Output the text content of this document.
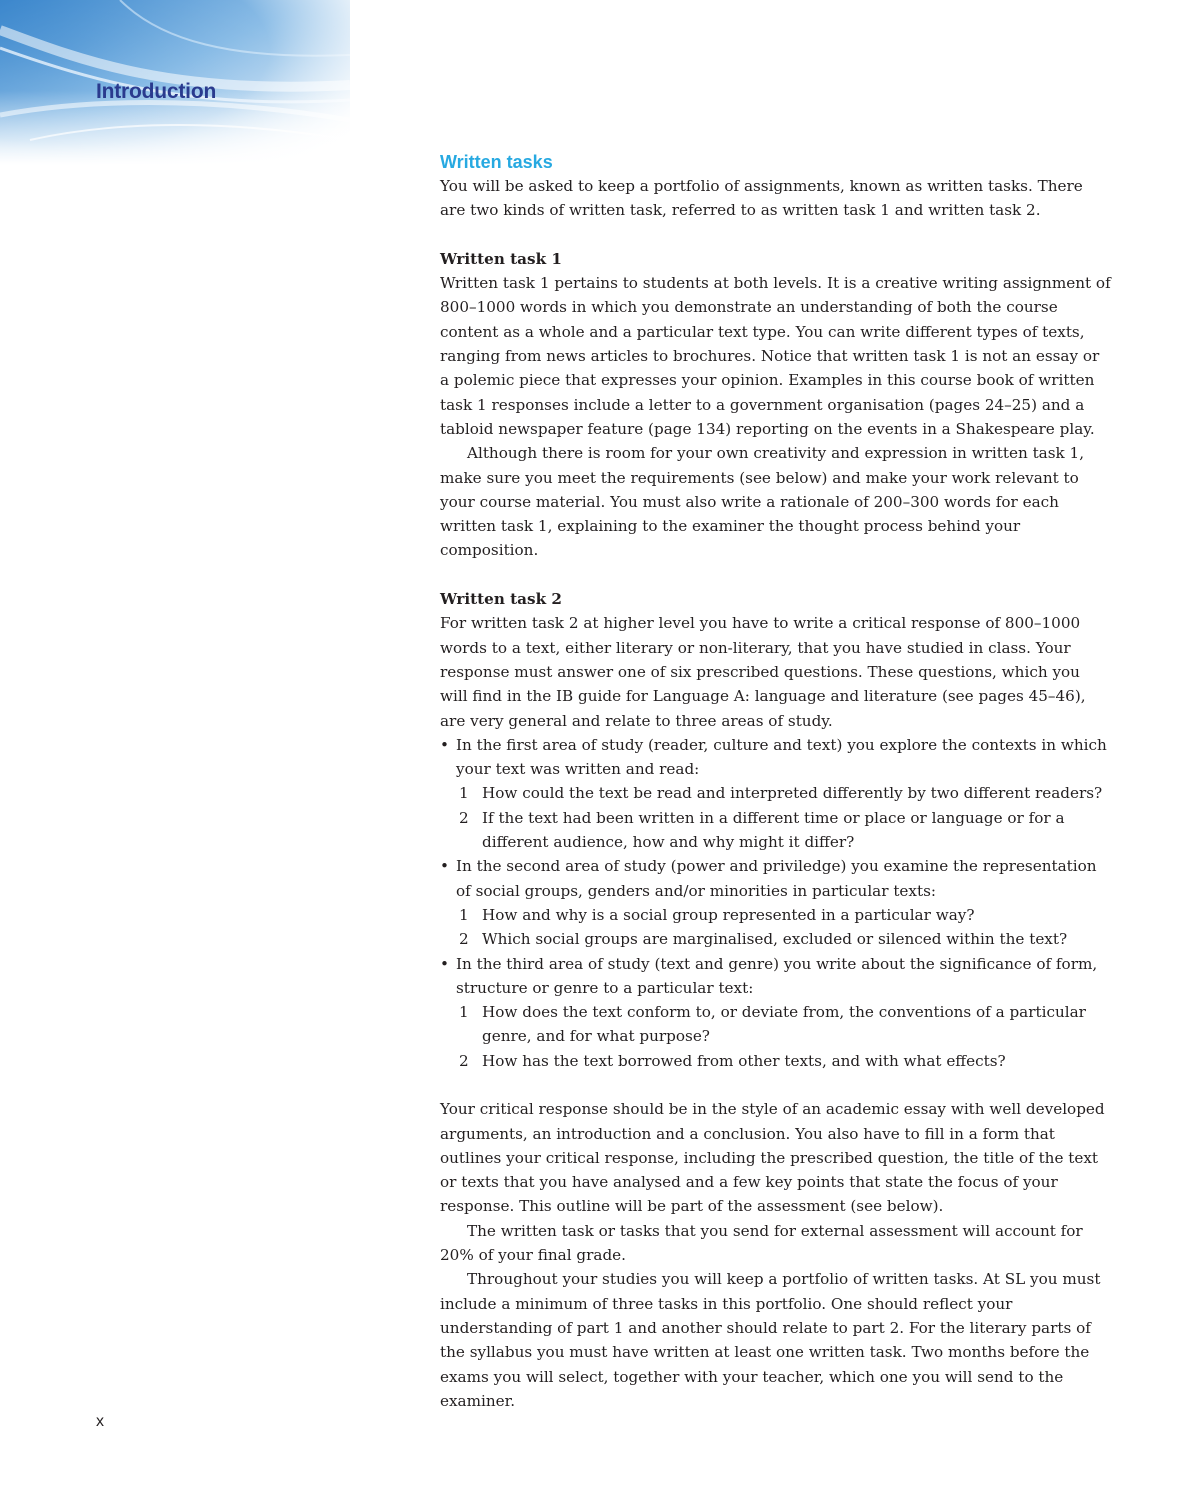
Introduction
Written tasks

You will be asked to keep a portfolio of assignments, known as written tasks. There are two kinds of written task, referred to as written task 1 and written task 2.

Written task 1

Written task 1 pertains to students at both levels. It is a creative writing assignment of 800–1000 words in which you demonstrate an understanding of both the course content as a whole and a particular text type. You can write different types of texts, ranging from news articles to brochures. Notice that written task 1 is not an essay or a polemic piece that expresses your opinion. Examples in this course book of written task 1 responses include a letter to a government organisation (pages 24–25) and a tabloid newspaper feature (page 134) reporting on the events in a Shakespeare play.

Although there is room for your own creativity and expression in written task 1, make sure you meet the requirements (see below) and make your work relevant to your course material. You must also write a rationale of 200–300 words for each written task 1, explaining to the examiner the thought process behind your composition.

Written task 2

For written task 2 at higher level you have to write a critical response of 800–1000 words to a text, either literary or non-literary, that you have studied in class. Your response must answer one of six prescribed questions. These questions, which you will find in the IB guide for Language A: language and literature (see pages 45–46), are very general and relate to three areas of study.

• In the first area of study (reader, culture and text) you explore the contexts in which your text was written and read:
1 How could the text be read and interpreted differently by two different readers?
2 If the text had been written in a different time or place or language or for a different audience, how and why might it differ?
• In the second area of study (power and priviledge) you examine the representation of social groups, genders and/or minorities in particular texts:
1 How and why is a social group represented in a particular way?
2 Which social groups are marginalised, excluded or silenced within the text?
• In the third area of study (text and genre) you write about the significance of form, structure or genre to a particular text:
1 How does the text conform to, or deviate from, the conventions of a particular genre, and for what purpose?
2 How has the text borrowed from other texts, and with what effects?

Your critical response should be in the style of an academic essay with well developed arguments, an introduction and a conclusion. You also have to fill in a form that outlines your critical response, including the prescribed question, the title of the text or texts that you have analysed and a few key points that state the focus of your response. This outline will be part of the assessment (see below).

The written task or tasks that you send for external assessment will account for 20% of your final grade.

Throughout your studies you will keep a portfolio of written tasks. At SL you must include a minimum of three tasks in this portfolio. One should reflect your understanding of part 1 and another should relate to part 2. For the literary parts of the syllabus you must have written at least one written task. Two months before the exams you will select, together with your teacher, which one you will send to the examiner.

x
